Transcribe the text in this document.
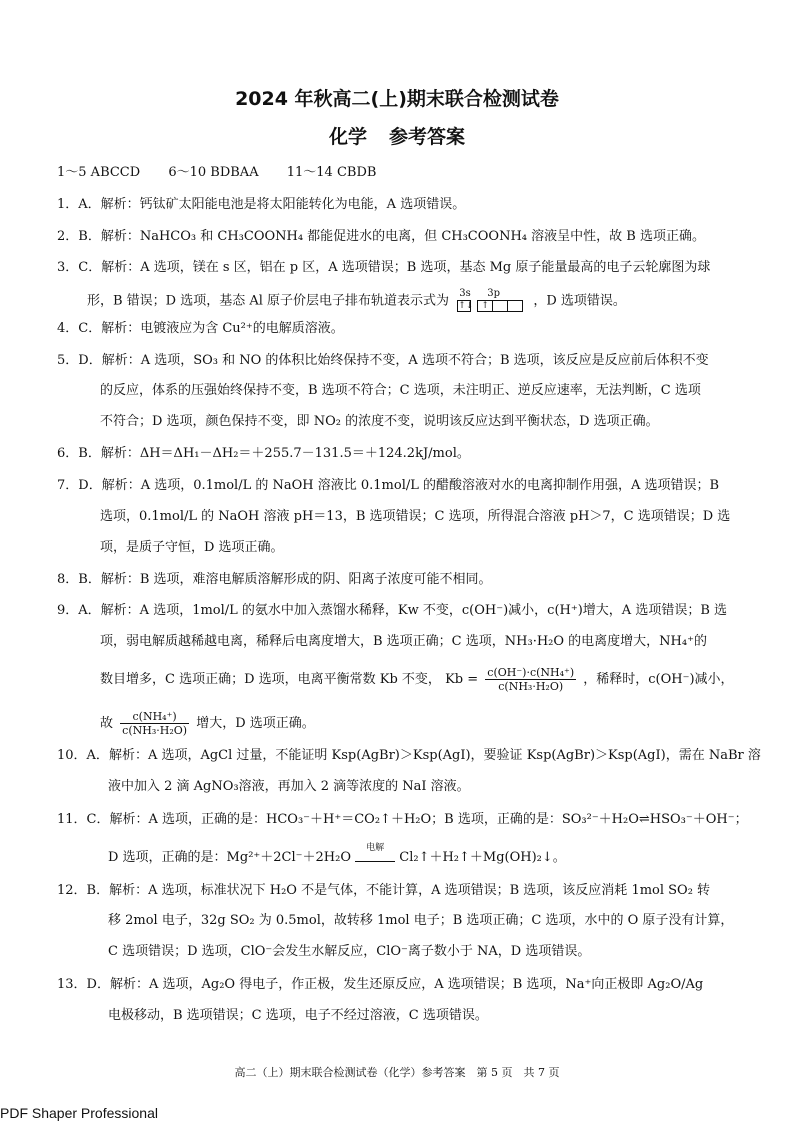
2024 年秋高二(上)期末联合检测试卷
化学 参考答案
1～5 ABCCD 6～10 BDBAA 11～14 CBDB
1．A．解析：钙钛矿太阳能电池是将太阳能转化为电能，A 选项错误。
2．B．解析：NaHCO₃ 和 CH₃COONH₄ 都能促进水的电离，但 CH₃COONH₄ 溶液呈中性，故 B 选项正确。
3．C．解析：A 选项，镁在 s 区，铝在 p 区，A 选项错误；B 选项，基态 Mg 原子能量最高的电子云轮廓图为球
形，B 错误；D 选项，基态 Al 原子价层电子排布轨道表示式为 3s 3p
↑↓ ↑	，D 选项错误。
4．C．解析：电镀液应为含 Cu²⁺的电解质溶液。
5．D．解析：A 选项，SO₃ 和 NO 的体积比始终保持不变，A 选项不符合；B 选项，该反应是反应前后体积不变
的反应，体系的压强始终保持不变，B 选项不符合；C 选项，未注明正、逆反应速率，无法判断，C 选项
不符合；D 选项，颜色保持不变，即 NO₂ 的浓度不变，说明该反应达到平衡状态，D 选项正确。
6．B．解析：ΔH＝ΔH₁－ΔH₂＝＋255.7－131.5＝＋124.2kJ/mol。
7．D．解析：A 选项，0.1mol/L 的 NaOH 溶液比 0.1mol/L 的醋酸溶液对水的电离抑制作用强，A 选项错误；B
选项，0.1mol/L 的 NaOH 溶液 pH＝13，B 选项错误；C 选项，所得混合溶液 pH＞7，C 选项错误；D 选
项，是质子守恒，D 选项正确。
8．B．解析：B 选项，难溶电解质溶解形成的阴、阳离子浓度可能不相同。
9．A．解析：A 选项，1mol/L 的氨水中加入蒸馏水稀释，Kw 不变，c(OH⁻)减小，c(H⁺)增大，A 选项错误；B 选
项，弱电解质越稀越电离，稀释后电离度增大，B 选项正确；C 选项，NH₃·H₂O 的电离度增大，NH₄⁺的
数目增多，C 选项正确；D 选项，电离平衡常数 Kb 不变， $Kb = \frac{\text{c(OH⁻)·c(NH₄⁺)}}{\text{c(NH₃·H₂O)}}$ ，稀释时，c(OH⁻)减小，
故 $\frac{\text{c(NH₄⁺)}}{\text{c(NH₃·H₂O)}}$ 增大，D 选项正确。
10．A．解析：A 选项，AgCl 过量，不能证明 Ksp(AgBr)＞Ksp(AgI)，要验证 Ksp(AgBr)＞Ksp(AgI)，需在 NaBr 溶
液中加入 2 滴 AgNO₃溶液，再加入 2 滴等浓度的 NaI 溶液。
11．C．解析：A 选项，正确的是：HCO₃⁻＋H⁺＝CO₂↑＋H₂O；B 选项，正确的是：SO₃²⁻＋H₂O⇌HSO₃⁻＋OH⁻；
D 选项，正确的是：Mg²⁺＋2Cl⁻＋2H₂O
电解
Cl₂↑＋H₂↑＋Mg(OH)₂↓。
12．B．解析：A 选项，标准状况下 H₂O 不是气体，不能计算，A 选项错误；B 选项，该反应消耗 1mol SO₂ 转
移 2mol 电子，32g SO₂ 为 0.5mol，故转移 1mol 电子；B 选项正确；C 选项，水中的 O 原子没有计算，
C 选项错误；D 选项，ClO⁻会发生水解反应，ClO⁻离子数小于 NA，D 选项错误。
13．D．解析：A 选项，Ag₂O 得电子，作正极，发生还原反应，A 选项错误；B 选项，Na⁺向正极即 Ag₂O/Ag
电极移动，B 选项错误；C 选项，电子不经过溶液，C 选项错误。
高二（上）期末联合检测试卷（化学）参考答案　第 5 页　共 7 页
PDF Shaper Professional
